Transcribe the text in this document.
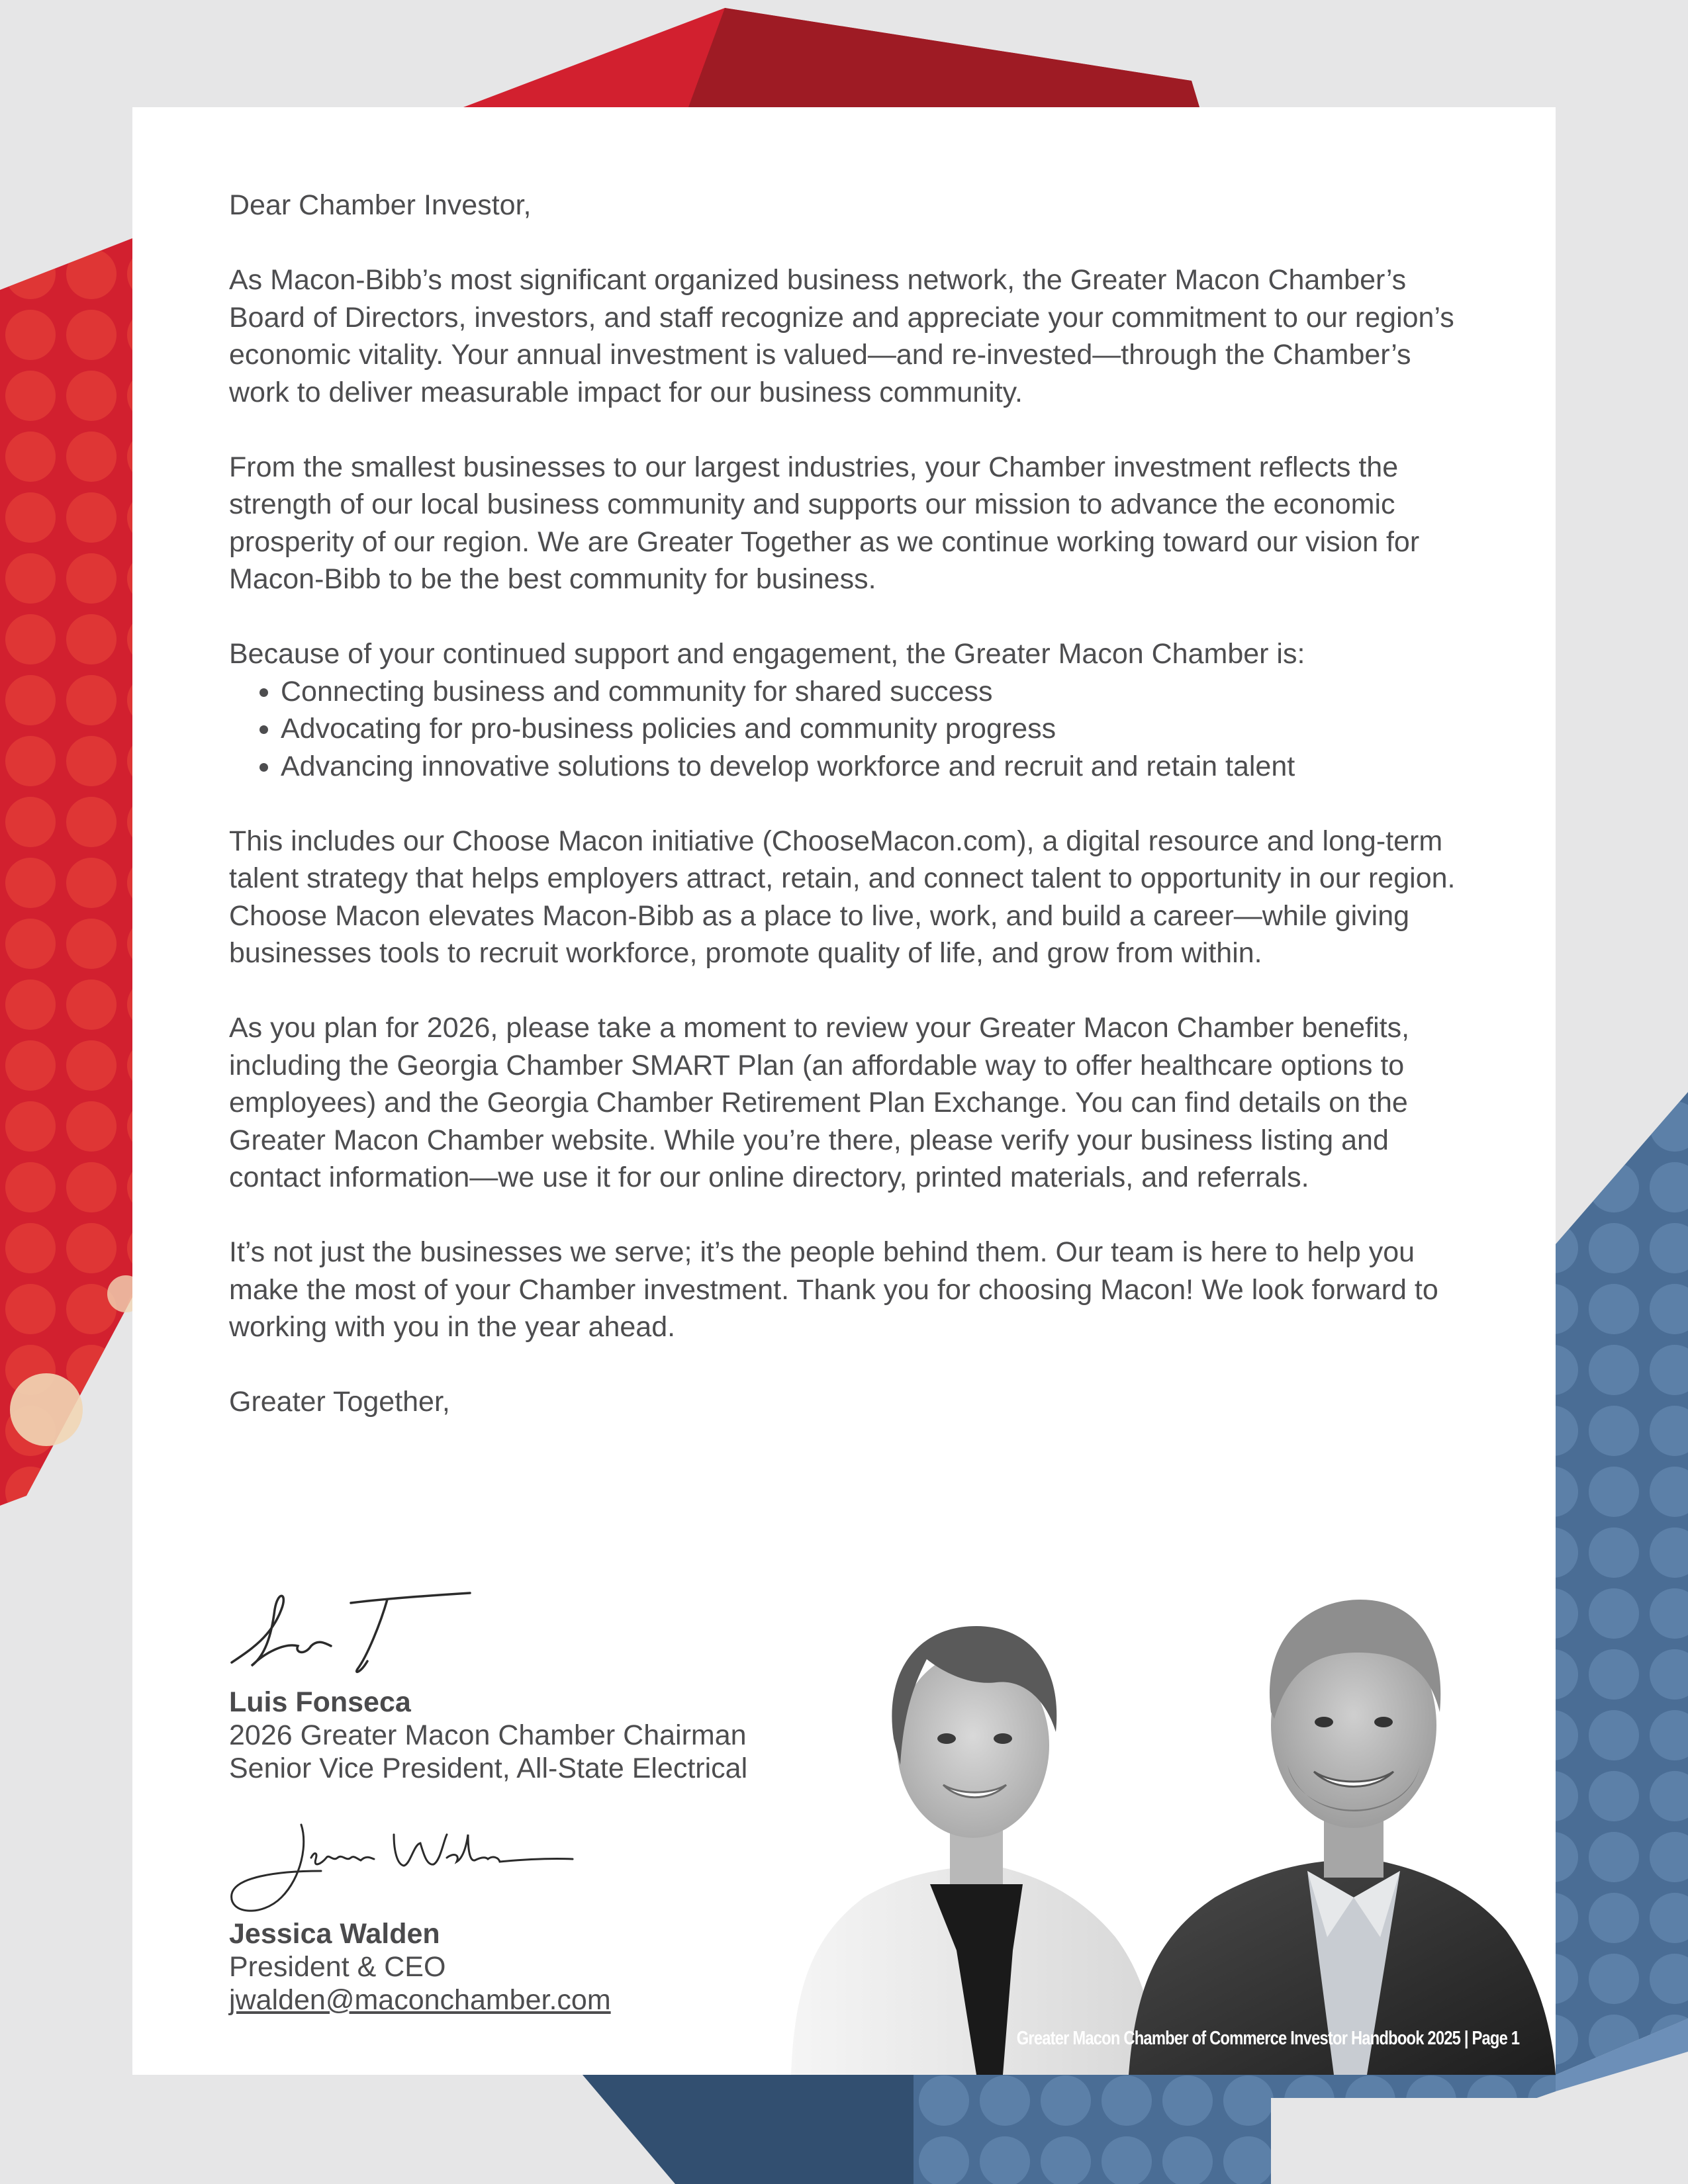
Dear Chamber Investor,

As Macon-Bibb’s most significant organized business network, the Greater Macon Chamber’s Board of Directors, investors, and staff recognize and appreciate your commitment to our region’s economic vitality. Your annual investment is valued—and re-invested—through the Chamber’s work to deliver measurable impact for our business community.

From the smallest businesses to our largest industries, your Chamber investment reflects the strength of our local business community and supports our mission to advance the economic prosperity of our region. We are Greater Together as we continue working toward our vision for Macon-Bibb to be the best community for business.

Because of your continued support and engagement, the Greater Macon Chamber is:

• Connecting business and community for shared success
• Advocating for pro-business policies and community progress
• Advancing innovative solutions to develop workforce and recruit and retain talent

This includes our Choose Macon initiative (ChooseMacon.com), a digital resource and long-term talent strategy that helps employers attract, retain, and connect talent to opportunity in our region. Choose Macon elevates Macon-Bibb as a place to live, work, and build a career—while giving businesses tools to recruit workforce, promote quality of life, and grow from within.

As you plan for 2026, please take a moment to review your Greater Macon Chamber benefits, including the Georgia Chamber SMART Plan (an affordable way to offer healthcare options to employees) and the Georgia Chamber Retirement Plan Exchange. You can find details on the Greater Macon Chamber website. While you’re there, please verify your business listing and contact information—we use it for our online directory, printed materials, and referrals.

It’s not just the businesses we serve; it’s the people behind them. Our team is here to help you make the most of your Chamber investment. Thank you for choosing Macon! We look forward to working with you in the year ahead.

Greater Together,

Luis Fonseca
2026 Greater Macon Chamber Chairman
Senior Vice President, All-State Electrical
Jessica Walden
President & CEO
jwalden@maconchamber.com
Greater Macon Chamber of Commerce Investor Handbook 2025 | Page 1
